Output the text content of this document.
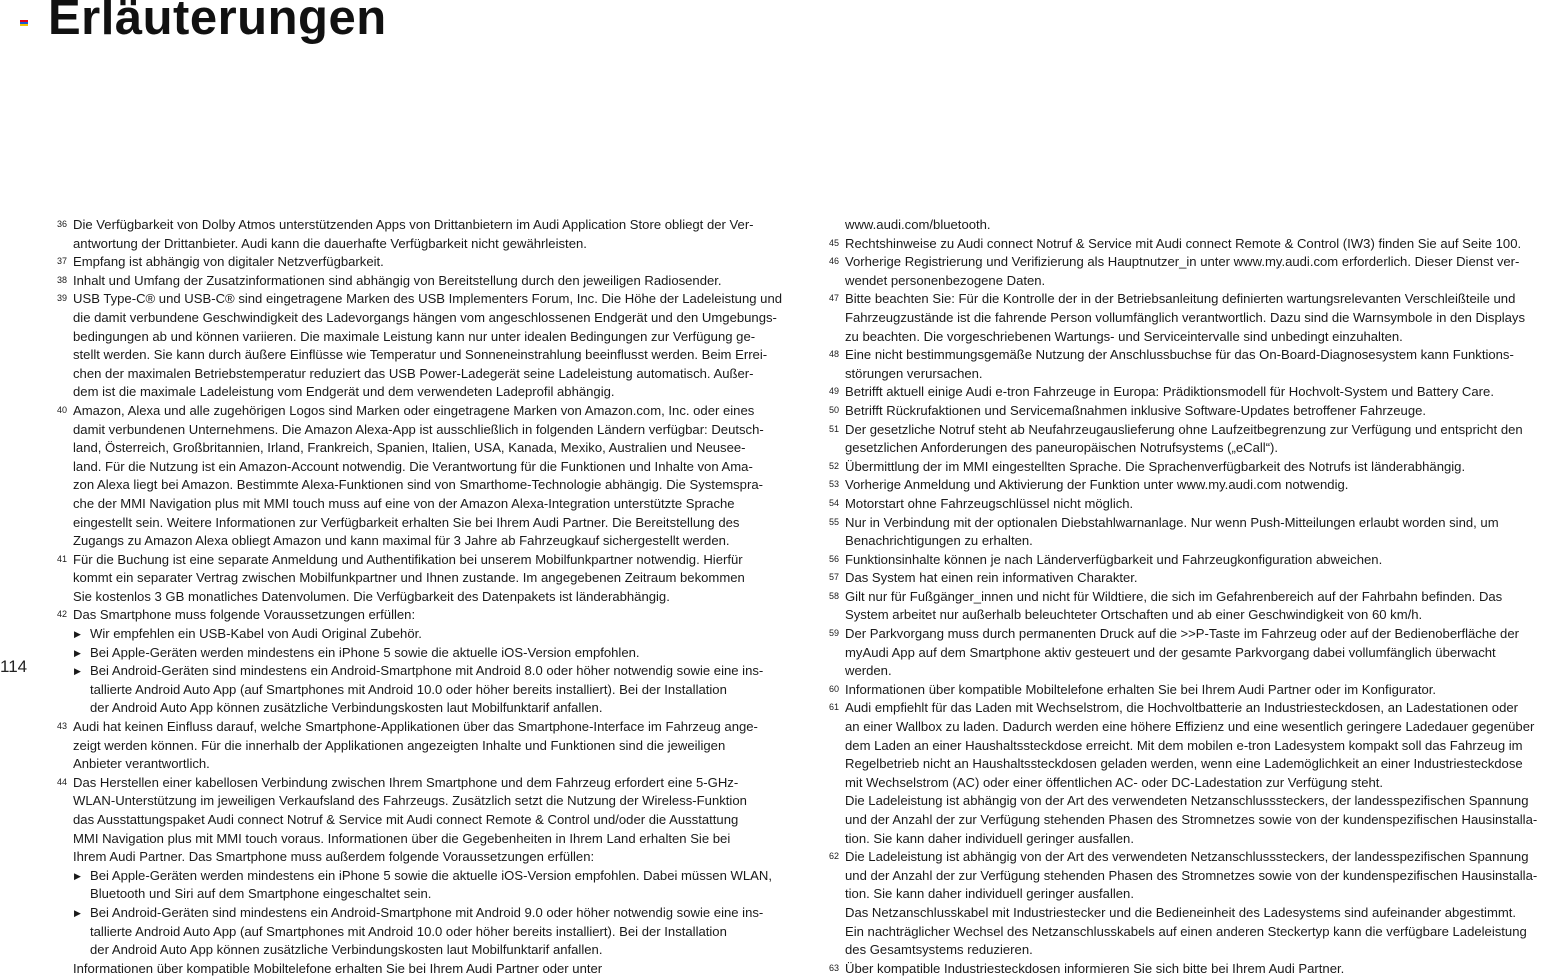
Erläuterungen
114
36 Die Verfügbarkeit von Dolby Atmos unterstützenden Apps von Drittanbietern im Audi Application Store obliegt der Ver-
antwortung der Drittanbieter. Audi kann die dauerhafte Verfügbarkeit nicht gewährleisten.
37 Empfang ist abhängig von digitaler Netzverfügbarkeit.
38 Inhalt und Umfang der Zusatzinformationen sind abhängig von Bereitstellung durch den jeweiligen Radiosender.
39 USB Type-C® und USB-C® sind eingetragene Marken des USB Implementers Forum, Inc. Die Höhe der Ladeleistung und
die damit verbundene Geschwindigkeit des Ladevorgangs hängen vom angeschlossenen Endgerät und den Umgebungs-
bedingungen ab und können variieren. Die maximale Leistung kann nur unter idealen Bedingungen zur Verfügung ge-
stellt werden. Sie kann durch äußere Einflüsse wie Temperatur und Sonneneinstrahlung beeinflusst werden. Beim Errei-
chen der maximalen Betriebstemperatur reduziert das USB Power-Ladegerät seine Ladeleistung automatisch. Außer-
dem ist die maximale Ladeleistung vom Endgerät und dem verwendeten Ladeprofil abhängig.
40 Amazon, Alexa und alle zugehörigen Logos sind Marken oder eingetragene Marken von Amazon.com, Inc. oder eines
damit verbundenen Unternehmens. Die Amazon Alexa-App ist ausschließlich in folgenden Ländern verfügbar: Deutsch-
land, Österreich, Großbritannien, Irland, Frankreich, Spanien, Italien, USA, Kanada, Mexiko, Australien und Neusee-
land. Für die Nutzung ist ein Amazon-Account notwendig. Die Verantwortung für die Funktionen und Inhalte von Ama-
zon Alexa liegt bei Amazon. Bestimmte Alexa-Funktionen sind von Smarthome-Technologie abhängig. Die Systemspra-
che der MMI Navigation plus mit MMI touch muss auf eine von der Amazon Alexa-Integration unterstützte Sprache
eingestellt sein. Weitere Informationen zur Verfügbarkeit erhalten Sie bei Ihrem Audi Partner. Die Bereitstellung des
Zugangs zu Amazon Alexa obliegt Amazon und kann maximal für 3 Jahre ab Fahrzeugkauf sichergestellt werden.
41 Für die Buchung ist eine separate Anmeldung und Authentifikation bei unserem Mobilfunkpartner notwendig. Hierfür
kommt ein separater Vertrag zwischen Mobilfunkpartner und Ihnen zustande. Im angegebenen Zeitraum bekommen
Sie kostenlos 3 GB monatliches Datenvolumen. Die Verfügbarkeit des Datenpakets ist länderabhängig.
42 Das Smartphone muss folgende Voraussetzungen erfüllen:
▶ Wir empfehlen ein USB-Kabel von Audi Original Zubehör.
▶ Bei Apple-Geräten werden mindestens ein iPhone 5 sowie die aktuelle iOS-Version empfohlen.
▶ Bei Android-Geräten sind mindestens ein Android-Smartphone mit Android 8.0 oder höher notwendig sowie eine ins-
tallierte Android Auto App (auf Smartphones mit Android 10.0 oder höher bereits installiert). Bei der Installation
der Android Auto App können zusätzliche Verbindungskosten laut Mobilfunktarif anfallen.
43 Audi hat keinen Einfluss darauf, welche Smartphone-Applikationen über das Smartphone-Interface im Fahrzeug ange-
zeigt werden können. Für die innerhalb der Applikationen angezeigten Inhalte und Funktionen sind die jeweiligen
Anbieter verantwortlich.
44 Das Herstellen einer kabellosen Verbindung zwischen Ihrem Smartphone und dem Fahrzeug erfordert eine 5-GHz-
WLAN-Unterstützung im jeweiligen Verkaufsland des Fahrzeugs. Zusätzlich setzt die Nutzung der Wireless-Funktion
das Ausstattungspaket Audi connect Notruf & Service mit Audi connect Remote & Control und/oder die Ausstattung
MMI Navigation plus mit MMI touch voraus. Informationen über die Gegebenheiten in Ihrem Land erhalten Sie bei
Ihrem Audi Partner. Das Smartphone muss außerdem folgende Voraussetzungen erfüllen:
▶ Bei Apple-Geräten werden mindestens ein iPhone 5 sowie die aktuelle iOS-Version empfohlen. Dabei müssen WLAN,
Bluetooth und Siri auf dem Smartphone eingeschaltet sein.
▶ Bei Android-Geräten sind mindestens ein Android-Smartphone mit Android 9.0 oder höher notwendig sowie eine ins-
tallierte Android Auto App (auf Smartphones mit Android 10.0 oder höher bereits installiert). Bei der Installation
der Android Auto App können zusätzliche Verbindungskosten laut Mobilfunktarif anfallen.
Informationen über kompatible Mobiltelefone erhalten Sie bei Ihrem Audi Partner oder unter
www.audi.com/bluetooth.
45 Rechtshinweise zu Audi connect Notruf & Service mit Audi connect Remote & Control (IW3) finden Sie auf Seite 100.
46 Vorherige Registrierung und Verifizierung als Hauptnutzer_in unter www.my.audi.com erforderlich. Dieser Dienst ver-
wendet personenbezogene Daten.
47 Bitte beachten Sie: Für die Kontrolle der in der Betriebsanleitung definierten wartungsrelevanten Verschleißteile und
Fahrzeugzustände ist die fahrende Person vollumfänglich verantwortlich. Dazu sind die Warnsymbole in den Displays
zu beachten. Die vorgeschriebenen Wartungs- und Serviceintervalle sind unbedingt einzuhalten.
48 Eine nicht bestimmungsgemäße Nutzung der Anschlussbuchse für das On-Board-Diagnosesystem kann Funktions-
störungen verursachen.
49 Betrifft aktuell einige Audi e-tron Fahrzeuge in Europa: Prädiktionsmodell für Hochvolt-System und Battery Care.
50 Betrifft Rückrufaktionen und Servicemaßnahmen inklusive Software-Updates betroffener Fahrzeuge.
51 Der gesetzliche Notruf steht ab Neufahrzeugauslieferung ohne Laufzeitbegrenzung zur Verfügung und entspricht den
gesetzlichen Anforderungen des paneuropäischen Notrufsystems („eCall“).
52 Übermittlung der im MMI eingestellten Sprache. Die Sprachenverfügbarkeit des Notrufs ist länderabhängig.
53 Vorherige Anmeldung und Aktivierung der Funktion unter www.my.audi.com notwendig.
54 Motorstart ohne Fahrzeugschlüssel nicht möglich.
55 Nur in Verbindung mit der optionalen Diebstahlwarnanlage. Nur wenn Push-Mitteilungen erlaubt worden sind, um
Benachrichtigungen zu erhalten.
56 Funktionsinhalte können je nach Länderverfügbarkeit und Fahrzeugkonfiguration abweichen.
57 Das System hat einen rein informativen Charakter.
58 Gilt nur für Fußgänger_innen und nicht für Wildtiere, die sich im Gefahrenbereich auf der Fahrbahn befinden. Das
System arbeitet nur außerhalb beleuchteter Ortschaften und ab einer Geschwindigkeit von 60 km/h.
59 Der Parkvorgang muss durch permanenten Druck auf die >>P-Taste im Fahrzeug oder auf der Bedienoberfläche der
myAudi App auf dem Smartphone aktiv gesteuert und der gesamte Parkvorgang dabei vollumfänglich überwacht
werden.
60 Informationen über kompatible Mobiltelefone erhalten Sie bei Ihrem Audi Partner oder im Konfigurator.
61 Audi empfiehlt für das Laden mit Wechselstrom, die Hochvoltbatterie an Industriesteckdosen, an Ladestationen oder
an einer Wallbox zu laden. Dadurch werden eine höhere Effizienz und eine wesentlich geringere Ladedauer gegenüber
dem Laden an einer Haushaltssteckdose erreicht. Mit dem mobilen e-tron Ladesystem kompakt soll das Fahrzeug im
Regelbetrieb nicht an Haushaltssteckdosen geladen werden, wenn eine Lademöglichkeit an einer Industriesteckdose
mit Wechselstrom (AC) oder einer öffentlichen AC- oder DC-Ladestation zur Verfügung steht.
Die Ladeleistung ist abhängig von der Art des verwendeten Netzanschlusssteckers, der landesspezifischen Spannung
und der Anzahl der zur Verfügung stehenden Phasen des Stromnetzes sowie von der kundenspezifischen Hausinstalla-
tion. Sie kann daher individuell geringer ausfallen.
62 Die Ladeleistung ist abhängig von der Art des verwendeten Netzanschlusssteckers, der landesspezifischen Spannung
und der Anzahl der zur Verfügung stehenden Phasen des Stromnetzes sowie von der kundenspezifischen Hausinstalla-
tion. Sie kann daher individuell geringer ausfallen.
Das Netzanschlusskabel mit Industriestecker und die Bedieneinheit des Ladesystems sind aufeinander abgestimmt.
Ein nachträglicher Wechsel des Netzanschlusskabels auf einen anderen Steckertyp kann die verfügbare Ladeleistung
des Gesamtsystems reduzieren.
63 Über kompatible Industriesteckdosen informieren Sie sich bitte bei Ihrem Audi Partner.
